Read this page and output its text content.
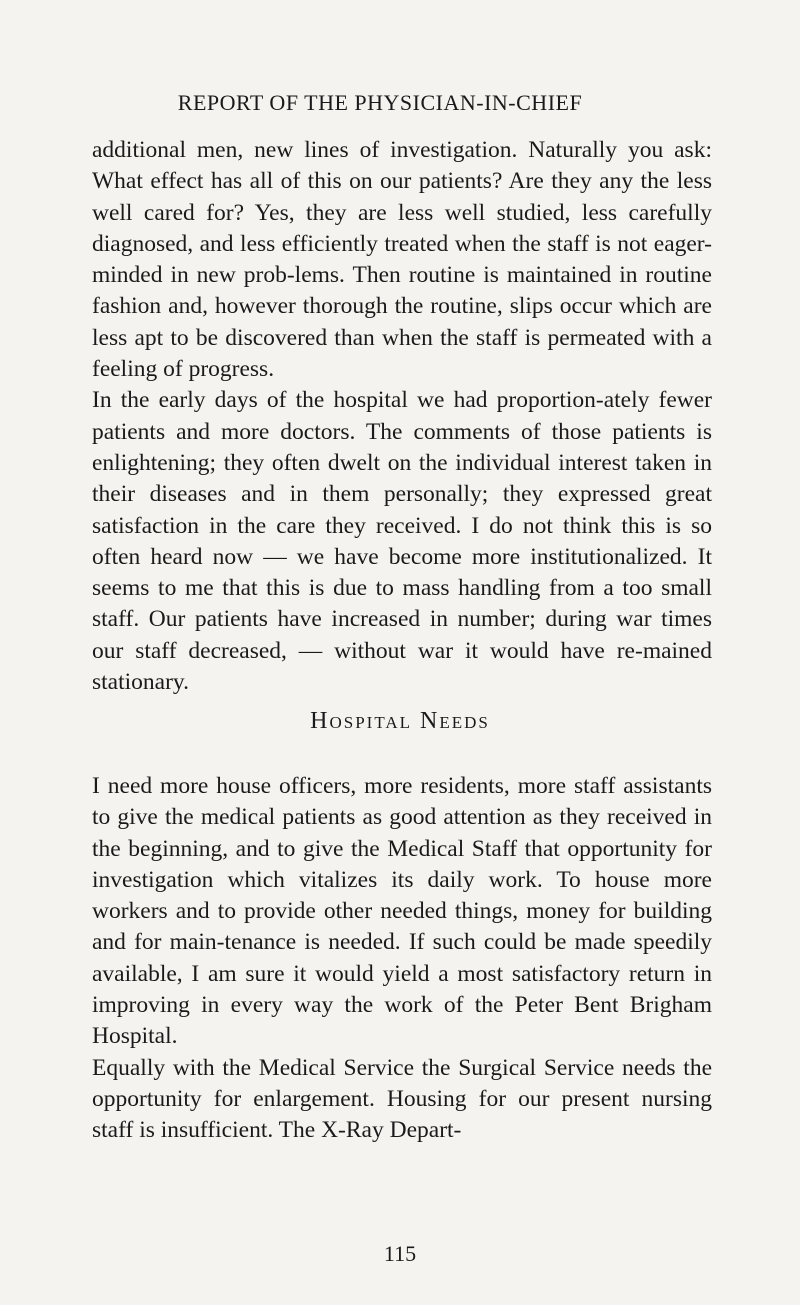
REPORT OF THE PHYSICIAN-IN-CHIEF

additional men, new lines of investigation. Naturally you ask: What effect has all of this on our patients? Are they any the less well cared for? Yes, they are less well studied, less carefully diagnosed, and less efficiently treated when the staff is not eager-minded in new prob-lems. Then routine is maintained in routine fashion and, however thorough the routine, slips occur which are less apt to be discovered than when the staff is permeated with a feeling of progress.

In the early days of the hospital we had proportion-ately fewer patients and more doctors. The comments of those patients is enlightening; they often dwelt on the individual interest taken in their diseases and in them personally; they expressed great satisfaction in the care they received. I do not think this is so often heard now — we have become more institutionalized. It seems to me that this is due to mass handling from a too small staff. Our patients have increased in number; during war times our staff decreased, — without war it would have re-mained stationary.

Hospital Needs

I need more house officers, more residents, more staff assistants to give the medical patients as good attention as they received in the beginning, and to give the Medical Staff that opportunity for investigation which vitalizes its daily work. To house more workers and to provide other needed things, money for building and for main-tenance is needed. If such could be made speedily available, I am sure it would yield a most satisfactory return in improving in every way the work of the Peter Bent Brigham Hospital.

Equally with the Medical Service the Surgical Service needs the opportunity for enlargement. Housing for our present nursing staff is insufficient. The X-Ray Depart-

115
